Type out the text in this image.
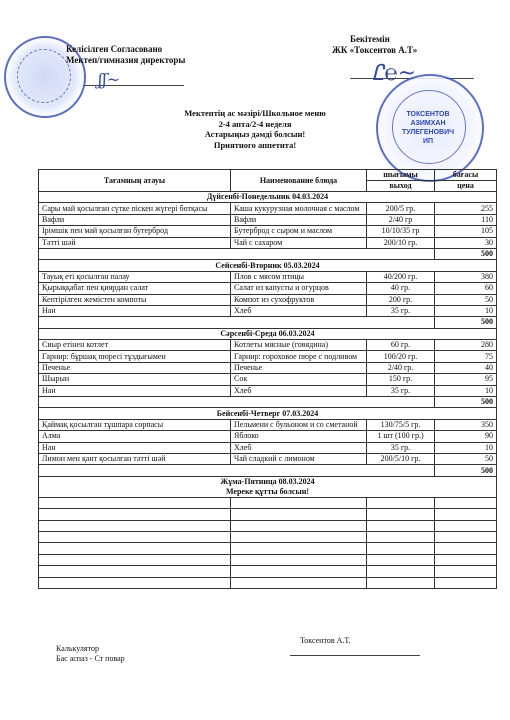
Келісілген Согласовано
Мектеп/гимназия директоры
ʃʃ~
Бекітемін
ЖК «Токсентов А.Т»
ТОКСЕНТОВ
АЗИМХАН
ТУЛЕГЕНОВИЧ
ИП
Ꮭ℮~
Мектептің ас мәзірі/Школьное меню
2-4 апта/2-4 неделя
Астарыңыз дәмді болсын!
Приятного аппетита!
Тағамның атауы	Наименование блюда	шығымы	бағасы
		выход	цена
Дүйсенбі-Понедельник 04.03.2024			
Сары май қосылған сүтке піскен жүгері ботқасы	Каша кукурузная молочная с маслом	200/5 гр.	255
Вафли	Вафли	2/40 гр	110
Ірімшік пен май қосылған бутерброд	Бутерброд с сыром и маслом	10/10/35 гр	105
Тәтті шәй	Чай с сахаром	200/10 гр.	30
			500
Сейсенбі-Вторник 05.03.2024			
Тауық еті қосылған палау	Плов с мясом птицы	40/200 гр.	380
Қырыққабат пен қиярдан салат	Салат из капусты и огурцов	40 гр.	60
Кептірілген жемістен компоты	Компот из сухофруктов	200 гр.	50
Нан	Хлеб	35 гр.	10
			500
Сәрсенбі-Среда 06.03.2024			
Сиыр етінен котлет	Котлеты мясные (говядина)	60 гр.	280
Гарнир: бұршақ пюресі тұздығымен	Гарнир: гороховое пюре с подливом	100/20 гр.	75
Печенье	Печенье	2/40 гр.	40
Шырын	Сок	150 гр.	95
Нан	Хлеб	35 гр.	10
			500
Бейсенбі-Четверг 07.03.2024			
Қаймақ қосылған тұшпара сорпасы	Пельмени с бульоном и со сметаной	130/75/5 гр.	350
Алма	Яблоко	1 шт (100 гр.)	90
Нан	Хлеб	35 гр.	10
Лимон мен қант қосылған тәтті шәй	Чай сладкий с лимоном	200/5/10 гр.	50
			500

Жұма-Пятница 08.03.2024
Мереке құтты болсын!			

Калькулятор
Бас аспаз - Ст повар
Токсентов А.Т.
